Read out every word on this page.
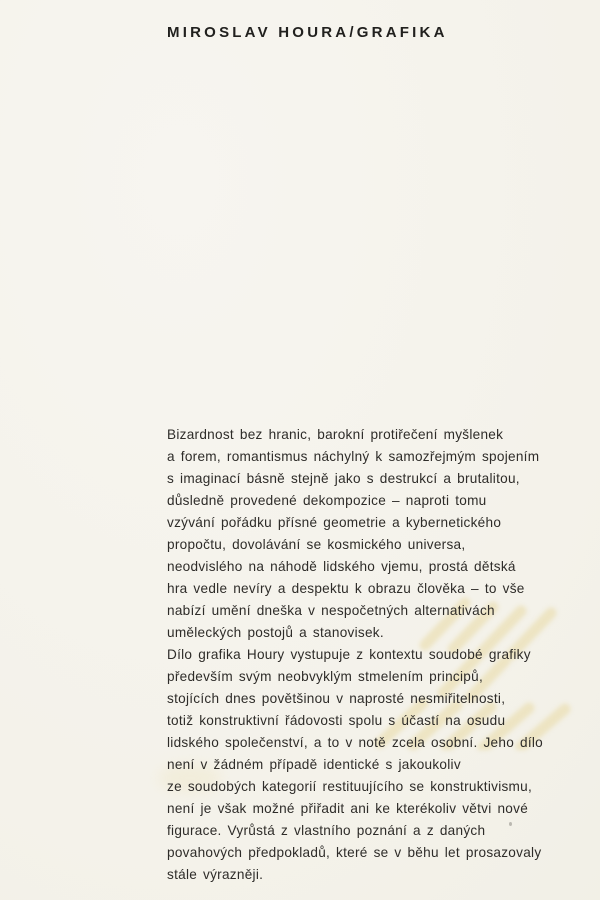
MIROSLAV HOURA/GRAFIKA
Bizardnost bez hranic, barokní protiřečení myšlenek
a forem, romantismus náchylný k samozřejmým spojením
s imaginací básně stejně jako s destrukcí a brutalitou,
důsledně provedené dekompozice – naproti tomu
vzývání pořádku přísné geometrie a kybernetického
propočtu, dovolávání se kosmického universa,
neodvislého na náhodě lidského vjemu, prostá dětská
hra vedle nevíry a despektu k obrazu člověka – to vše
nabízí umění dneška v nespočetných alternativách
uměleckých postojů a stanovisek.
Dílo grafika Houry vystupuje z kontextu soudobé grafiky
především svým neobvyklým stmelením principů,
stojících dnes povětšinou v naprosté nesmiřitelnosti,
totiž konstruktivní řádovosti spolu s účastí na osudu
lidského společenství, a to v notě zcela osobní. Jeho dílo
není v žádném případě identické s jakoukoliv
ze soudobých kategorií restituujícího se konstruktivismu,
není je však možné přiřadit ani ke kterékoliv větvi nové
figurace. Vyrůstá z vlastního poznání a z daných
povahových předpokladů, které se v běhu let prosazovaly
stále výrazněji.
